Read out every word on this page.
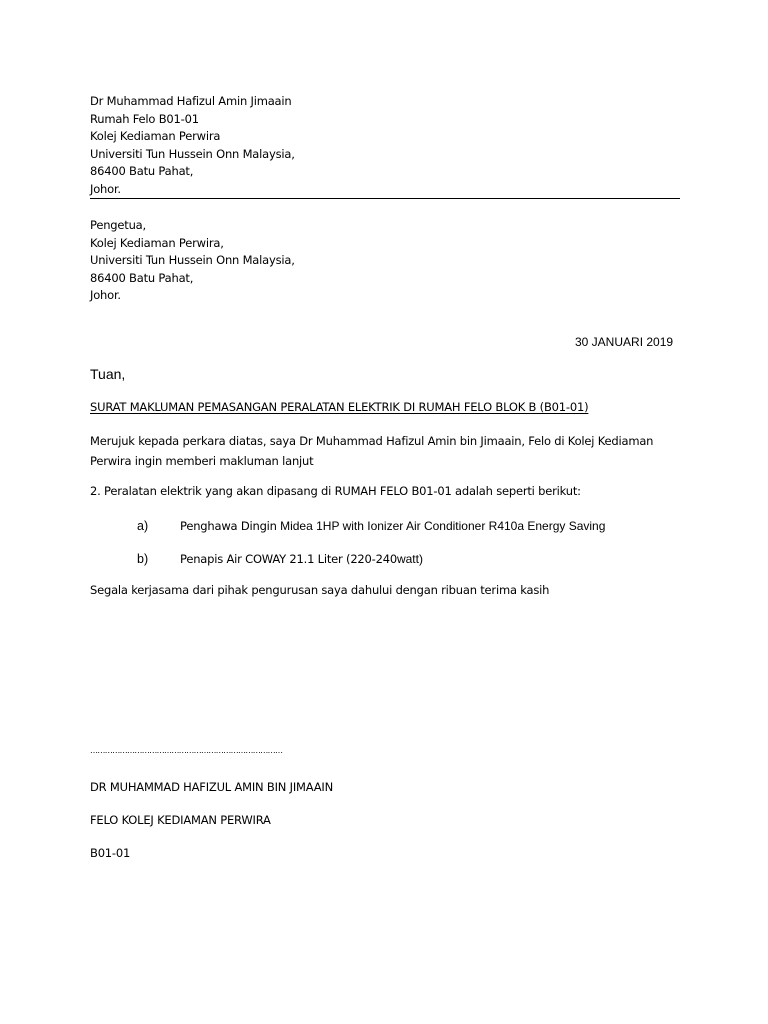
Dr Muhammad Hafizul Amin Jimaain
Rumah Felo B01-01
Kolej Kediaman Perwira
Universiti Tun Hussein Onn Malaysia,
86400 Batu Pahat,
Johor.
Pengetua,
Kolej Kediaman Perwira,
Universiti Tun Hussein Onn Malaysia,
86400 Batu Pahat,
Johor.
30 JANUARI 2019
Tuan,
SURAT MAKLUMAN PEMASANGAN PERALATAN ELEKTRIK DI RUMAH FELO BLOK B (B01-01)
Merujuk kepada perkara diatas, saya Dr Muhammad Hafizul Amin bin Jimaain, Felo di Kolej Kediaman
Perwira ingin memberi makluman lanjut
2. Peralatan elektrik yang akan dipasang di RUMAH FELO B01-01 adalah seperti berikut:
a)	Penghawa Dingin Midea 1HP with Ionizer Air Conditioner R410a Energy Saving
b)	Penapis Air COWAY 21.1 Liter (220-240watt)
Segala kerjasama dari pihak pengurusan saya dahului dengan ribuan terima kasih
……………………………………………………………………
DR MUHAMMAD HAFIZUL AMIN BIN JIMAAIN
FELO KOLEJ KEDIAMAN PERWIRA
B01-01
